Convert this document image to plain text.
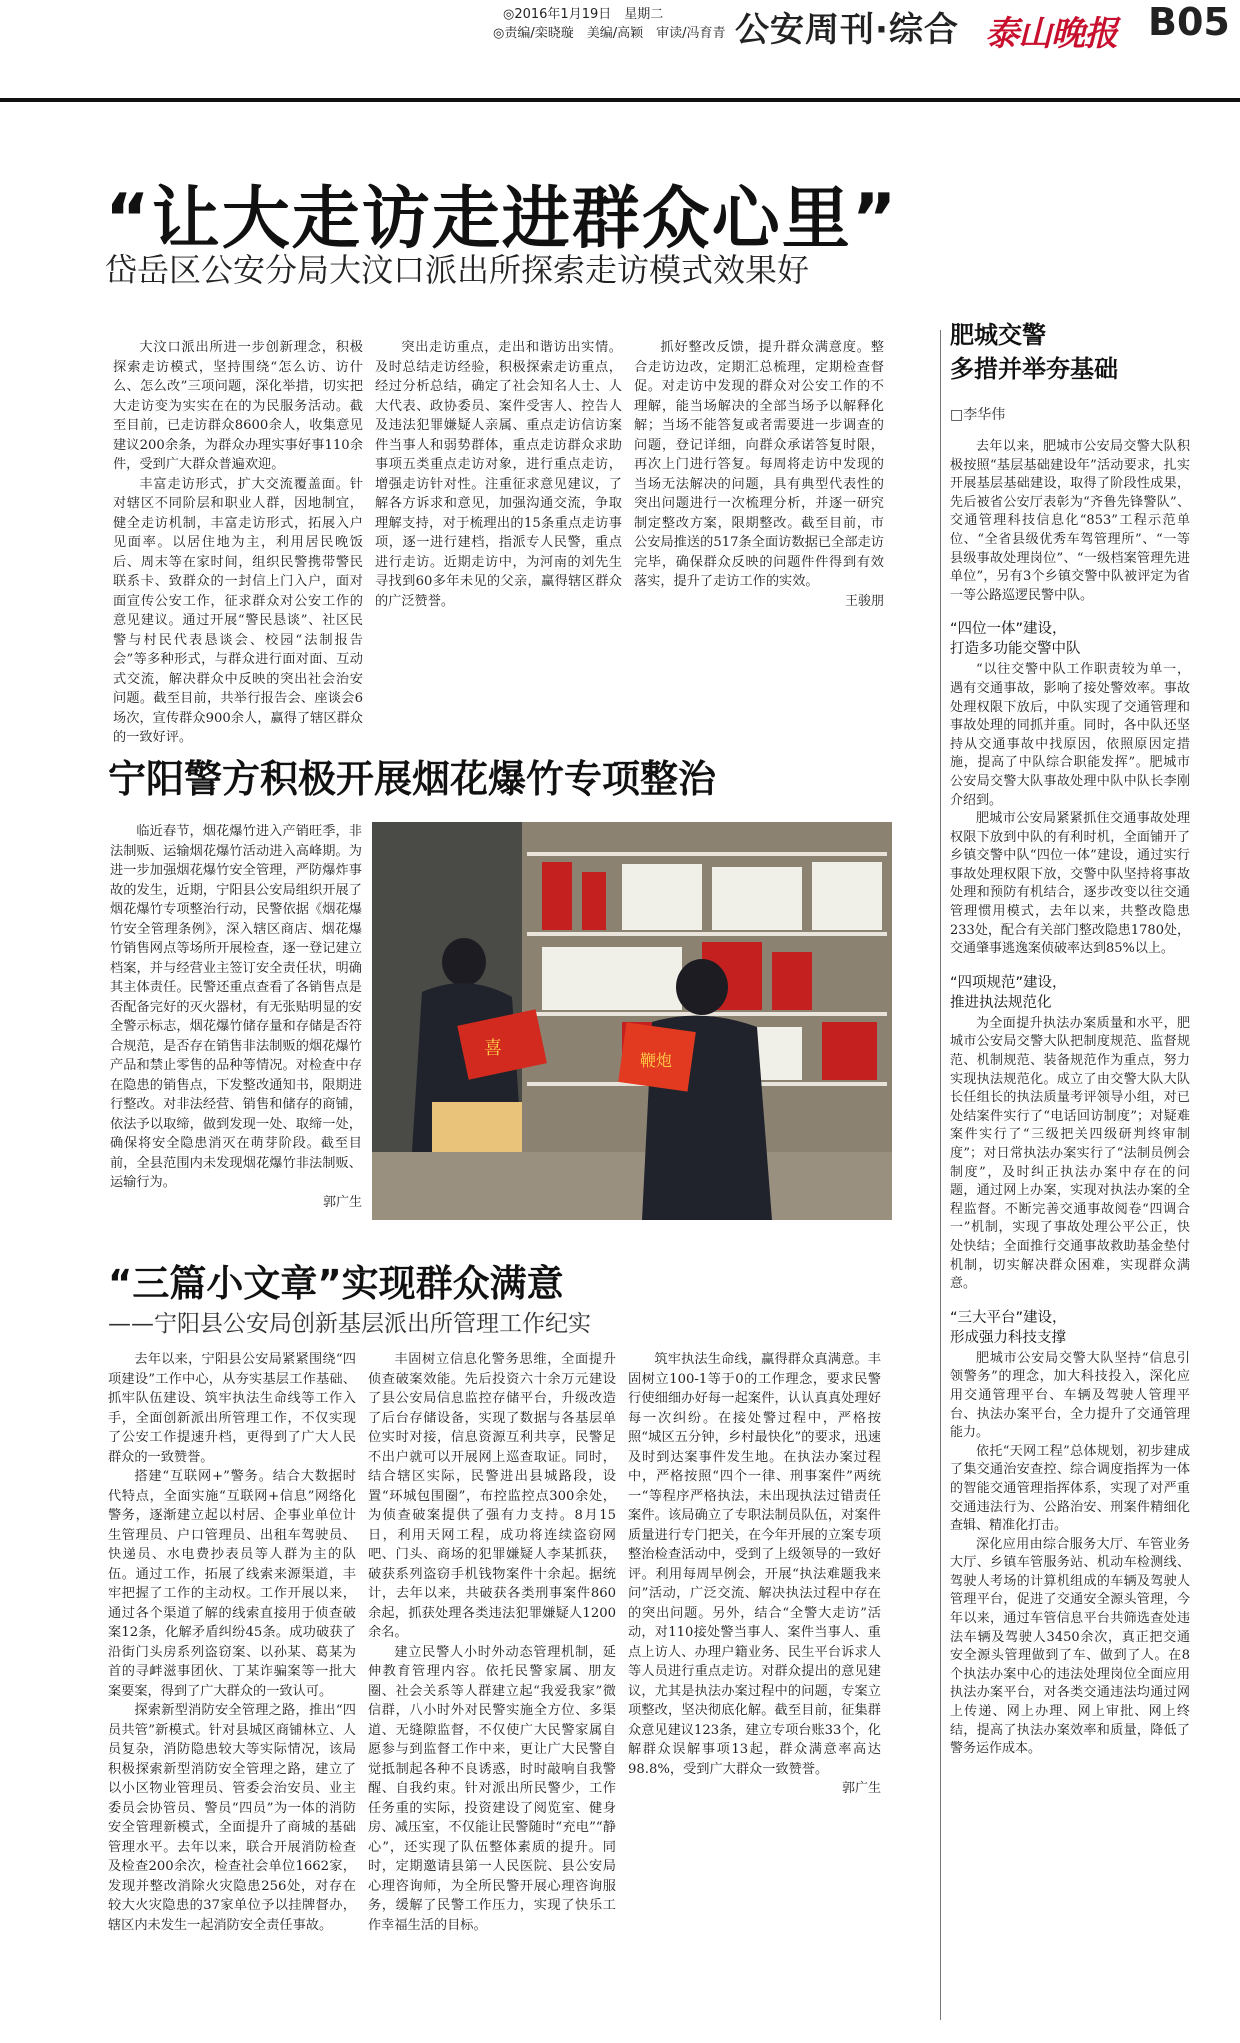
◎2016年1月19日　星期二
◎责编/栾晓璇　美编/高颖　审读/冯育青 公安周刊·综合 泰山晚报 B05
“让大走访走进群众心里”
岱岳区公安分局大汶口派出所探索走访模式效果好

大汶口派出所进一步创新理念，积极探索走访模式，坚持围绕“怎么访、访什么、怎么改”三项问题，深化举措，切实把大走访变为实实在在的为民服务活动。截至目前，已走访群众8600余人，收集意见建议200余条，为群众办理实事好事110余件，受到广大群众普遍欢迎。

丰富走访形式，扩大交流覆盖面。针对辖区不同阶层和职业人群，因地制宜，健全走访机制，丰富走访形式，拓展入户见面率。以居住地为主，利用居民晚饭后、周末等在家时间，组织民警携带警民联系卡、致群众的一封信上门入户，面对面宣传公安工作，征求群众对公安工作的意见建议。通过开展“警民恳谈”、社区民警与村民代表恳谈会、校园“法制报告会”等多种形式，与群众进行面对面、互动式交流，解决群众中反映的突出社会治安问题。截至目前，共举行报告会、座谈会6场次，宣传群众900余人，赢得了辖区群众的一致好评。

突出走访重点，走出和谐访出实情。及时总结走访经验，积极探索走访重点，经过分析总结，确定了社会知名人士、人大代表、政协委员、案件受害人、控告人及违法犯罪嫌疑人亲属、重点走访信访案件当事人和弱势群体，重点走访群众求助事项五类重点走访对象，进行重点走访，增强走访针对性。注重征求意见建议，了解各方诉求和意见，加强沟通交流，争取理解支持，对于梳理出的15条重点走访事项，逐一进行建档，指派专人民警，重点进行走访。近期走访中，为河南的刘先生寻找到60多年未见的父亲，赢得辖区群众的广泛赞誉。

抓好整改反馈，提升群众满意度。整合走访边改，定期汇总梳理，定期检查督促。对走访中发现的群众对公安工作的不理解，能当场解决的全部当场予以解释化解；当场不能答复或者需要进一步调查的问题，登记详细，向群众承诺答复时限，再次上门进行答复。每周将走访中发现的当场无法解决的问题，具有典型代表性的突出问题进行一次梳理分析，并逐一研究制定整改方案，限期整改。截至目前，市公安局推送的517条全面访数据已全部走访完毕，确保群众反映的问题件件得到有效落实，提升了走访工作的实效。

王骏朋
宁阳警方积极开展烟花爆竹专项整治

临近春节，烟花爆竹进入产销旺季，非法制贩、运输烟花爆竹活动进入高峰期。为进一步加强烟花爆竹安全管理，严防爆炸事故的发生，近期，宁阳县公安局组织开展了烟花爆竹专项整治行动，民警依据《烟花爆竹安全管理条例》，深入辖区商店、烟花爆竹销售网点等场所开展检查，逐一登记建立档案，并与经营业主签订安全责任状，明确其主体责任。民警还重点查看了各销售点是否配备完好的灭火器材，有无张贴明显的安全警示标志，烟花爆竹储存量和存储是否符合规范，是否存在销售非法制贩的烟花爆竹产品和禁止零售的品种等情况。对检查中存在隐患的销售点，下发整改通知书，限期进行整改。对非法经营、销售和储存的商铺，依法予以取缔，做到发现一处、取缔一处，确保将安全隐患消灭在萌芽阶段。截至目前，全县范围内未发现烟花爆竹非法制贩、运输行为。

郭广生
鞭炮
喜
“三篇小文章”实现群众满意
——宁阳县公安局创新基层派出所管理工作纪实

去年以来，宁阳县公安局紧紧围绕“四项建设”工作中心，从夯实基层工作基础、抓牢队伍建设、筑牢执法生命线等工作入手，全面创新派出所管理工作，不仅实现了公安工作提速升档，更得到了广大人民群众的一致赞誉。

搭建“互联网+”警务。结合大数据时代特点，全面实施“互联网+信息”网络化警务，逐渐建立起以村居、企事业单位计生管理员、户口管理员、出租车驾驶员、快递员、水电费抄表员等人群为主的队伍。通过工作，拓展了线索来源渠道，丰牢把握了工作的主动权。工作开展以来，通过各个渠道了解的线索直接用于侦查破案12条，化解矛盾纠纷45条。成功破获了沿街门头房系列盗窃案、以孙某、葛某为首的寻衅滋事团伙、丁某诈骗案等一批大案要案，得到了广大群众的一致认可。

探索新型消防安全管理之路，推出“四员共管”新模式。针对县城区商铺林立、人员复杂，消防隐患较大等实际情况，该局积极探索新型消防安全管理之路，建立了以小区物业管理员、管委会治安员、业主委员会协管员、警员“四员”为一体的消防安全管理新模式，全面提升了商城的基础管理水平。去年以来，联合开展消防检查及检查200余次，检查社会单位1662家，发现并整改消除火灾隐患256处，对存在较大火灾隐患的37家单位予以挂牌督办，辖区内未发生一起消防安全责任事故。

丰固树立信息化警务思维，全面提升侦查破案效能。先后投资六十余万元建设了县公安局信息监控存储平台，升级改造了后台存储设备，实现了数据与各基层单位实时对接，信息资源互利共享，民警足不出户就可以开展网上巡查取证。同时，结合辖区实际，民警进出县城路段，设置“环城包围圈”，布控监控点300余处，为侦查破案提供了强有力支持。8月15日，利用天网工程，成功将连续盗窃网吧、门头、商场的犯罪嫌疑人李某抓获，破获系列盗窃手机钱物案件十余起。据统计，去年以来，共破获各类刑事案件860余起，抓获处理各类违法犯罪嫌疑人1200余名。

建立民警人小时外动态管理机制，延伸教育管理内容。依托民警家属、朋友圈、社会关系等人群建立起“我爱我家”微信群，八小时外对民警实施全方位、多渠道、无缝隙监督，不仅使广大民警家属自愿参与到监督工作中来，更让广大民警自觉抵制起各种不良诱惑，时时敲响自我警醒、自我约束。针对派出所民警少，工作任务重的实际，投资建设了阅览室、健身房、减压室，不仅能让民警随时“充电”“静心”，还实现了队伍整体素质的提升。同时，定期邀请县第一人民医院、县公安局心理咨询师，为全所民警开展心理咨询服务，缓解了民警工作压力，实现了快乐工作幸福生活的目标。

筑牢执法生命线，赢得群众真满意。丰固树立100-1等于0的工作理念，要求民警行使细细办好每一起案件，认认真真处理好每一次纠纷。在接处警过程中，严格按照“城区五分钟，乡村最快化”的要求，迅速及时到达案事件发生地。在执法办案过程中，严格按照“四个一律、刑事案件”两统一“等程序严格执法，未出现执法过错责任案件。该局确立了专职法制员队伍，对案件质量进行专门把关，在今年开展的立案专项整治检查活动中，受到了上级领导的一致好评。利用每周早例会，开展“执法难题我来问”活动，广泛交流、解决执法过程中存在的突出问题。另外，结合“全警大走访”活动，对110接处警当事人、案件当事人、重点上访人、办理户籍业务、民生平台诉求人等人员进行重点走访。对群众提出的意见建议，尤其是执法办案过程中的问题，专案立项整改，坚决彻底化解。截至目前，征集群众意见建议123条，建立专项台账33个，化解群众误解事项13起，群众满意率高达98.8%，受到广大群众一致赞誉。

郭广生
肥城交警
多措并举夯基础
□李华伟

去年以来，肥城市公安局交警大队积极按照“基层基础建设年”活动要求，扎实开展基层基础建设，取得了阶段性成果，先后被省公安厅表彰为“齐鲁先锋警队”、交通管理科技信息化“853”工程示范单位、“全省县级优秀车驾管理所”、“一等县级事故处理岗位”、“一级档案管理先进单位”，另有3个乡镇交警中队被评定为省一等公路巡逻民警中队。

“四位一体”建设，
打造多功能交警中队

“以往交警中队工作职责较为单一，遇有交通事故，影响了接处警效率。事故处理权限下放后，中队实现了交通管理和事故处理的同抓并重。同时，各中队还坚持从交通事故中找原因，依照原因定措施，提高了中队综合职能发挥”。肥城市公安局交警大队事故处理中队中队长李刚介绍到。

肥城市公安局紧紧抓住交通事故处理权限下放到中队的有利时机，全面铺开了乡镇交警中队“四位一体”建设，通过实行事故处理权限下放，交警中队坚持将事故处理和预防有机结合，逐步改变以往交通管理惯用模式，去年以来，共整改隐患233处，配合有关部门整改隐患1780处，交通肇事逃逸案侦破率达到85%以上。

“四项规范”建设，
推进执法规范化

为全面提升执法办案质量和水平，肥城市公安局交警大队把制度规范、监督规范、机制规范、装备规范作为重点，努力实现执法规范化。成立了由交警大队大队长任组长的执法质量考评领导小组，对已处结案件实行了“电话回访制度”；对疑难案件实行了“三级把关四级研判终审制度”；对日常执法办案实行了“法制员例会制度”，及时纠正执法办案中存在的问题，通过网上办案，实现对执法办案的全程监督。不断完善交通事故阅卷“四调合一”机制，实现了事故处理公平公正，快处快结；全面推行交通事故救助基金垫付机制，切实解决群众困难，实现群众满意。

“三大平台”建设，
形成强力科技支撑

肥城市公安局交警大队坚持“信息引领警务”的理念，加大科技投入，深化应用交通管理平台、车辆及驾驶人管理平台、执法办案平台，全力提升了交通管理能力。

依托“天网工程”总体规划，初步建成了集交通治安查控、综合调度指挥为一体的智能交通管理指挥体系，实现了对严重交通违法行为、公路治安、刑案件精细化查辑、精准化打击。

深化应用由综合服务大厅、车管业务大厅、乡镇车管服务站、机动车检测线、驾驶人考场的计算机组成的车辆及驾驶人管理平台，促进了交通安全源头管理，今年以来，通过车管信息平台共筛选查处违法车辆及驾驶人3450余次，真正把交通安全源头管理做到了车、做到了人。在8个执法办案中心的违法处理岗位全面应用执法办案平台，对各类交通违法均通过网上传递、网上办理、网上审批、网上终结，提高了执法办案效率和质量，降低了警务运作成本。
